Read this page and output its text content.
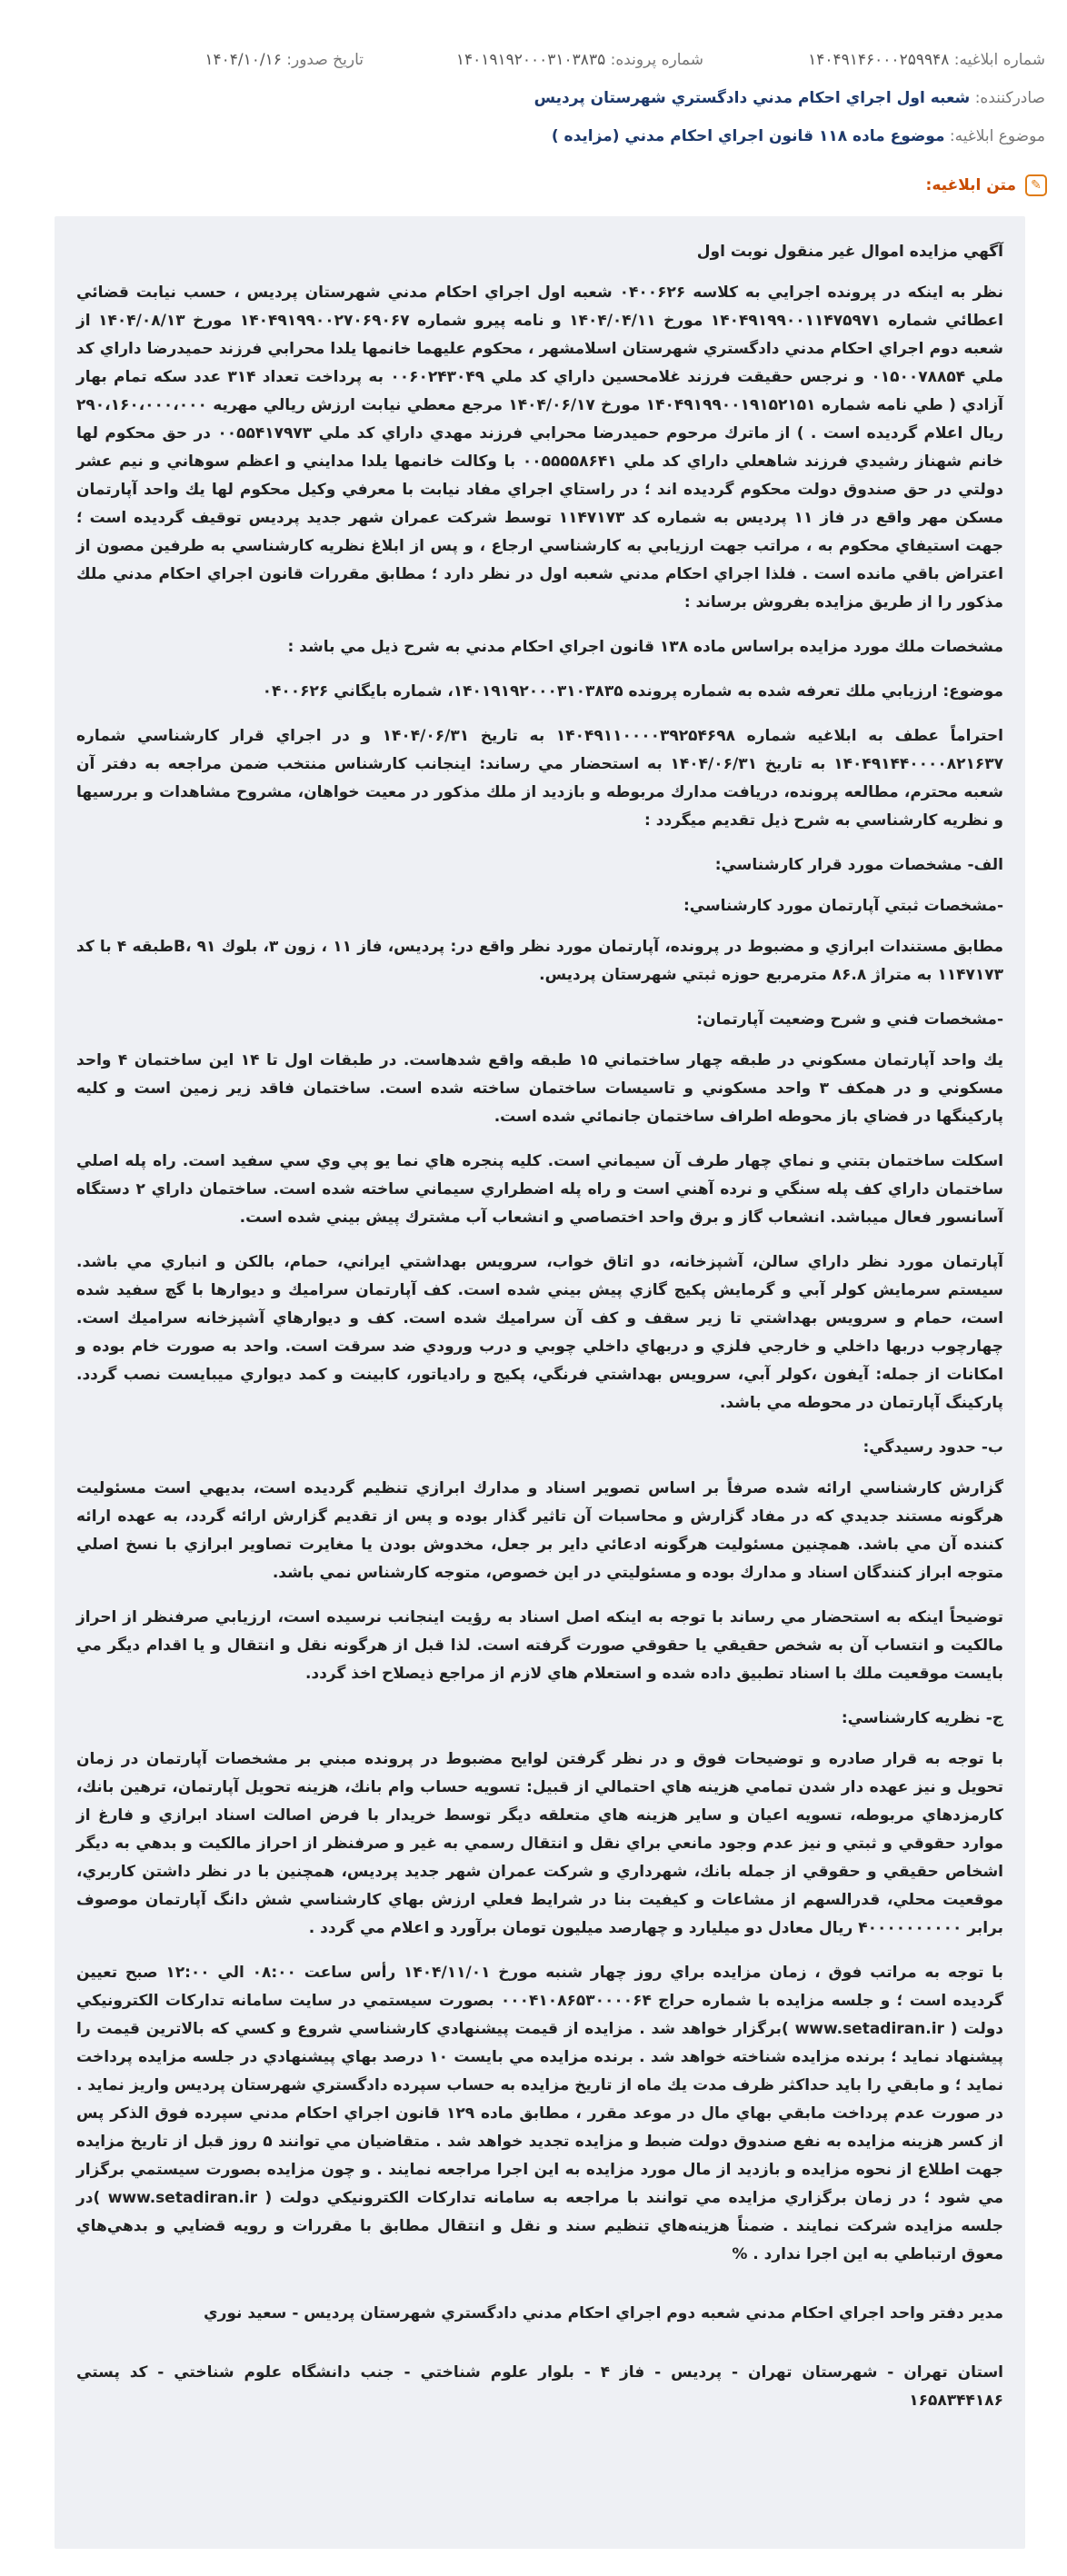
شماره ابلاغيه: ۱۴۰۴۹۱۴۶۰۰۰۲۵۹۹۴۸
شماره پرونده: ۱۴۰۱۹۱۹۲۰۰۰۳۱۰۳۸۳۵
تاريخ صدور: ۱۴۰۴/۱۰/۱۶
صادرکننده: شعبه اول اجراي احكام مدني دادگستري شهرستان پرديس
موضوع ابلاغيه: موضوع ماده ۱۱۸ قانون اجراي احکام مدني (مزايده )
✎
متن ابلاغيه:

آگهي مزايده اموال غير منقول نوبت اول

نظر به اينكه در پرونده اجرايي به كلاسه ۰۴۰۰۶۲۶ شعبه اول اجراي احكام مدني شهرستان پرديس ، حسب نيابت قضائي اعطائي شماره ۱۴۰۴۹۱۹۹۰۰۱۱۴۷۵۹۷۱ مورخ ۱۴۰۴/۰۴/۱۱ و نامه پيرو شماره ۱۴۰۴۹۱۹۹۰۰۲۷۰۶۹۰۶۷ مورخ ۱۴۰۴/۰۸/۱۳ از شعبه دوم اجراي احكام مدني دادگستري شهرستان اسلامشهر ، محكوم عليهما خانمها يلدا محرابي فرزند حميدرضا داراي كد ملي ۰۱۵۰۰۷۸۸۵۴ و نرجس حقيقت فرزند غلامحسين داراي كد ملي ۰۰۶۰۲۴۳۰۴۹ به پرداخت تعداد ۳۱۴ عدد سكه تمام بهار آزادي ( طي نامه شماره ۱۴۰۴۹۱۹۹۰۰۱۹۱۵۲۱۵۱ مورخ ۱۴۰۴/۰۶/۱۷ مرجع معطي نيابت ارزش ريالي مهريه ۲۹۰،۱۶۰،۰۰۰،۰۰۰ ريال اعلام گرديده است . ) از ماترك مرحوم حميدرضا محرابي فرزند مهدي داراي كد ملي ۰۰۵۵۴۱۷۹۷۳ در حق محكوم لها خانم شهناز رشيدي فرزند شاهعلي داراي كد ملي ۰۰۵۵۵۵۸۶۴۱ با وكالت خانمها يلدا مدايني و اعظم سوهاني و نيم عشر دولتي در حق صندوق دولت محكوم گرديده اند ؛ در راستاي اجراي مفاد نيابت با معرفي وكيل محكوم لها يك واحد آپارتمان مسكن مهر واقع در فاز ۱۱ پرديس به شماره كد ۱۱۴۷۱۷۳ توسط شركت عمران شهر جديد پرديس توقيف گرديده است ؛ جهت استيفاي محكوم به ، مراتب جهت ارزيابي به كارشناسي ارجاع ، و پس از ابلاغ نظريه كارشناسي به طرفين مصون از اعتراض باقي مانده است . فلذا اجراي احكام مدني شعبه اول در نظر دارد ؛ مطابق مقررات قانون اجراي احكام مدني ملك مذكور را از طريق مزايده بفروش برساند :

مشخصات ملك مورد مزايده براساس ماده ۱۳۸ قانون اجراي احكام مدني به شرح ذيل مي باشد :

موضوع: ارزيابي ملك تعرفه شده به شماره پرونده ۱۴۰۱۹۱۹۲۰۰۰۳۱۰۳۸۳۵، شماره بايگاني ۰۴۰۰۶۲۶

احتراماً عطف به ابلاغيه شماره ۱۴۰۴۹۱۱۰۰۰۰۳۹۲۵۴۶۹۸ به تاريخ ۱۴۰۴/۰۶/۳۱ و در اجراي قرار كارشناسي شماره ۱۴۰۴۹۱۴۴۰۰۰۰۸۲۱۶۳۷ به تاريخ ۱۴۰۴/۰۶/۳۱ به استحضار مي رساند: اينجانب كارشناس منتخب ضمن مراجعه به دفتر آن شعبه محترم، مطالعه پرونده، دريافت مدارك مربوطه و بازديد از ملك مذكور در معيت خواهان، مشروح مشاهدات و بررسيها و نظريه كارشناسي به شرح ذيل تقديم ميگردد :

الف- مشخصات مورد قرار كارشناسي:

-مشخصات ثبتي آپارتمان مورد كارشناسي:

مطابق مستندات ابرازي و مضبوط در پرونده، آپارتمان مورد نظر واقع در: پرديس، فاز ۱۱ ، زون ۳، بلوك B، ۹۱طبقه ۴ با كد ۱۱۴۷۱۷۳ به متراژ ۸۶.۸ مترمربع حوزه ثبتي شهرستان پرديس.

-مشخصات فني و شرح وضعيت آپارتمان:

يك واحد آپارتمان مسكوني در طبقه چهار ساختماني ۱۵ طبقه واقع شدهاست. در طبقات اول تا ۱۴ اين ساختمان ۴ واحد مسكوني و در همكف ۳ واحد مسكوني و تاسيسات ساختمان ساخته شده است. ساختمان فاقد زير زمين است و كليه پاركينگها در فضاي باز محوطه اطراف ساختمان جانمائي شده است.

اسكلت ساختمان بتني و نماي چهار طرف آن سيماني است. كليه پنجره هاي نما يو پي وي سي سفيد است. راه پله اصلي ساختمان داراي كف پله سنگي و نرده آهني است و راه پله اضطراري سيماني ساخته شده است. ساختمان داراي ۲ دستگاه آسانسور فعال ميباشد. انشعاب گاز و برق واحد اختصاصي و انشعاب آب مشترك پيش بيني شده است.

آپارتمان مورد نظر داراي سالن، آشپزخانه، دو اتاق خواب، سرويس بهداشتي ايراني، حمام، بالكن و انباري مي باشد. سيستم سرمايش كولر آبي و گرمايش پكيج گازي پيش بيني شده است. كف آپارتمان سراميك و ديوارها با گچ سفيد شده است، حمام و سرويس بهداشتي تا زير سقف و كف آن سراميك شده است. كف و ديوارهاي آشپزخانه سراميك است. چهارچوب دربها داخلي و خارجي فلزي و دربهاي داخلي چوبي و درب ورودي ضد سرقت است. واحد به صورت خام بوده و امكانات از جمله: آيفون ،كولر آبي، سرويس بهداشتي فرنگي، پكيج و رادياتور، كابينت و كمد ديواري ميبايست نصب گردد. پاركينگ آپارتمان در محوطه مي باشد.

ب- حدود رسيدگي:

گزارش كارشناسي ارائه شده صرفاً بر اساس تصوير اسناد و مدارك ابرازي تنظيم گرديده است، بديهي است مسئوليت هرگونه مستند جديدي كه در مفاد گزارش و محاسبات آن تاثير گذار بوده و پس از تقديم گزارش ارائه گردد، به عهده ارائه كننده آن مي باشد. همچنين مسئوليت هرگونه ادعائي داير بر جعل، مخدوش بودن يا مغايرت تصاوير ابرازي با نسخ اصلي متوجه ابراز كنندگان اسناد و مدارك بوده و مسئوليتي در اين خصوص، متوجه كارشناس نمي باشد.

توضيحاً اينكه به استحضار مي رساند با توجه به اينكه اصل اسناد به رؤيت اينجانب نرسيده است، ارزيابي صرفنظر از احراز مالكيت و انتساب آن به شخص حقيقي يا حقوقي صورت گرفته است. لذا قبل از هرگونه نقل و انتقال و يا اقدام ديگر مي بايست موقعيت ملك با اسناد تطبيق داده شده و استعلام هاي لازم از مراجع ذيصلاح اخذ گردد.

ج- نظريه كارشناسي:

با توجه به قرار صادره و توضيحات فوق و در نظر گرفتن لوايح مضبوط در پرونده مبني بر مشخصات آپارتمان در زمان تحويل و نيز عهده دار شدن تمامي هزينه هاي احتمالي از قبيل: تسويه حساب وام بانك، هزينه تحويل آپارتمان، ترهين بانك، كارمزدهاي مربوطه، تسويه اعيان و ساير هزينه هاي متعلقه ديگر توسط خريدار با فرض اصالت اسناد ابرازي و فارغ از موارد حقوقي و ثبتي و نيز عدم وجود مانعي براي نقل و انتقال رسمي به غير و صرفنظر از احراز مالكيت و بدهي به ديگر اشخاص حقيقي و حقوقي از جمله بانك، شهرداري و شركت عمران شهر جديد پرديس، همچنين با در نظر داشتن كاربري، موقعيت محلي، قدرالسهم از مشاعات و كيفيت بنا در شرايط فعلي ارزش بهاي كارشناسي شش دانگ آپارتمان موصوف برابر ۴۰۰۰۰۰۰۰۰۰۰ ريال معادل دو ميليارد و چهارصد ميليون تومان برآورد و اعلام مي گردد .

با توجه به مراتب فوق ، زمان مزايده براي روز چهار شنبه مورخ ۱۴۰۴/۱۱/۰۱ رأس ساعت ۰۸:۰۰ الي ۱۲:۰۰ صبح تعيين گرديده است ؛ و جلسه مزايده با شماره حراج ۰۰۰۴۱۰۸۶۵۳۰۰۰۰۶۴ بصورت سيستمي در سايت سامانه تدارکات الکترونيکي دولت ( www.setadiran.ir )برگزار خواهد شد . مزايده از قيمت پيشنهادي كارشناسي شروع و كسي كه بالاترين قيمت را پيشنهاد نمايد ؛ برنده مزايده شناخته خواهد شد . برنده مزايده مي بايست ۱۰ درصد بهاي پيشنهادي در جلسه مزايده پرداخت نمايد ؛ و مابقي را بايد حداكثر ظرف مدت يك ماه از تاريخ مزايده به حساب سپرده دادگستري شهرستان پرديس واريز نمايد . در صورت عدم پرداخت مابقي بهاي مال در موعد مقرر ، مطابق ماده ۱۲۹ قانون اجراي احكام مدني سپرده فوق الذكر پس از كسر هزينه مزايده به نفع صندوق دولت ضبط و مزايده تجديد خواهد شد . متقاضيان مي توانند ۵ روز قبل از تاريخ مزايده جهت اطلاع از نحوه مزايده و بازديد از مال مورد مزايده به اين اجرا مراجعه نمايند . و چون مزايده بصورت سيستمي برگزار مي شود ؛ در زمان برگزاري مزايده مي توانند با مراجعه به سامانه تدارکات الکترونيکي دولت ( www.setadiran.ir )در جلسه مزايده شركت نمايند . ضمناً هزينه‌هاي تنظيم سند و نقل و انتقال مطابق با مقررات و رويه قضايي و بدهي‌هاي معوق ارتباطي به اين اجرا ندارد . %

مدير دفتر واحد اجراي احكام مدني شعبه دوم اجراي احكام مدني دادگستري شهرستان پرديس - سعيد نوري

استان تهران - شهرستان تهران - پرديس - فاز ۴ - بلوار علوم شناختي - جنب دانشگاه علوم شناختي - كد پستي ۱۶۵۸۳۴۴۱۸۶
